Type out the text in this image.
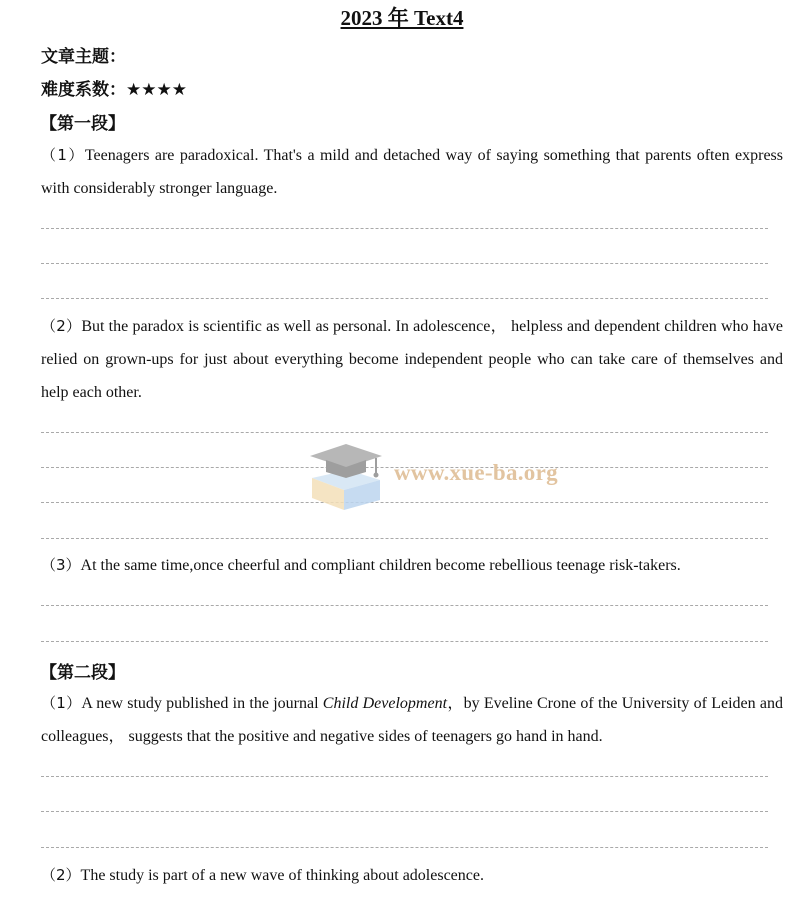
2023 年 Text4
文章主题：
难度系数：★★★★
【第一段】
（1）Teenagers are paradoxical. That's a mild and detached way of saying something that parents often express with considerably stronger language.
（2）But the paradox is scientific as well as personal. In adolescence， helpless and dependent children who have relied on grown-ups for just about everything become independent people who can take care of themselves and help each other.
www.xue-ba.org
（3）At the same time,once cheerful and compliant children become rebellious teenage risk-takers.
【第二段】
（1）A new study published in the journal Child Development，by Eveline Crone of the University of Leiden and colleagues， suggests that the positive and negative sides of teenagers go hand in hand.
（2）The study is part of a new wave of thinking about adolescence.
